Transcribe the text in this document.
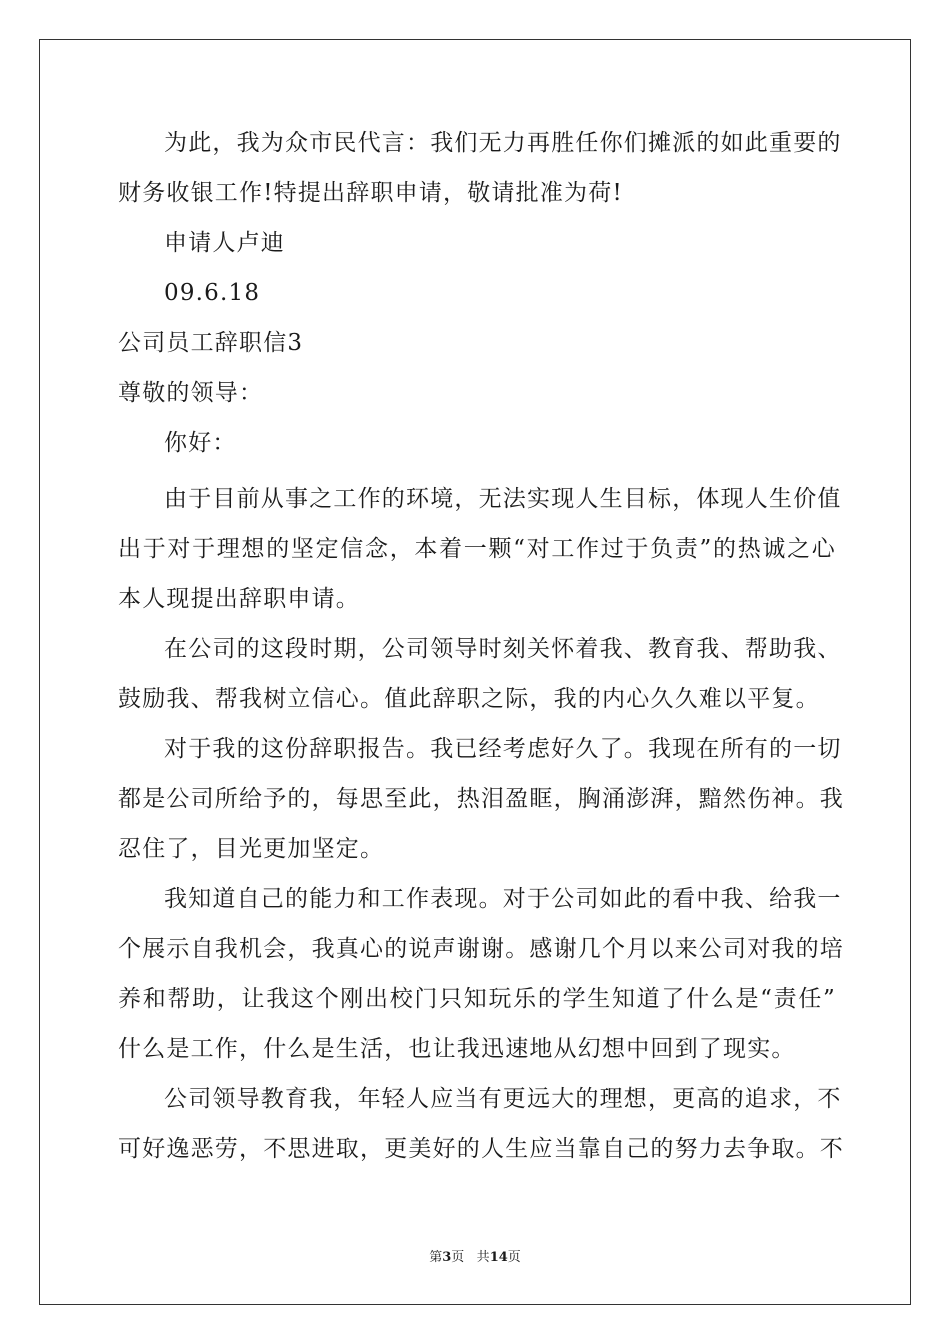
为此，我为众市民代言：我们无力再胜任你们摊派的如此重要的
财务收银工作!特提出辞职申请，敬请批准为荷!
申请人卢迪
09.6.18
公司员工辞职信3
尊敬的领导：
你好：
由于目前从事之工作的环境，无法实现人生目标，体现人生价值
出于对于理想的坚定信念，本着一颗“对工作过于负责”的热诚之心
本人现提出辞职申请。
在公司的这段时期，公司领导时刻关怀着我、教育我、帮助我、
鼓励我、帮我树立信心。值此辞职之际，我的内心久久难以平复。
对于我的这份辞职报告。我已经考虑好久了。我现在所有的一切
都是公司所给予的，每思至此，热泪盈眶，胸涌澎湃，黯然伤神。我
忍住了，目光更加坚定。
我知道自己的能力和工作表现。对于公司如此的看中我、给我一
个展示自我机会，我真心的说声谢谢。感谢几个月以来公司对我的培
养和帮助，让我这个刚出校门只知玩乐的学生知道了什么是“责任”
什么是工作，什么是生活，也让我迅速地从幻想中回到了现实。
公司领导教育我，年轻人应当有更远大的理想，更高的追求，不
可好逸恶劳，不思进取，更美好的人生应当靠自己的努力去争取。不
第3页 共14页
